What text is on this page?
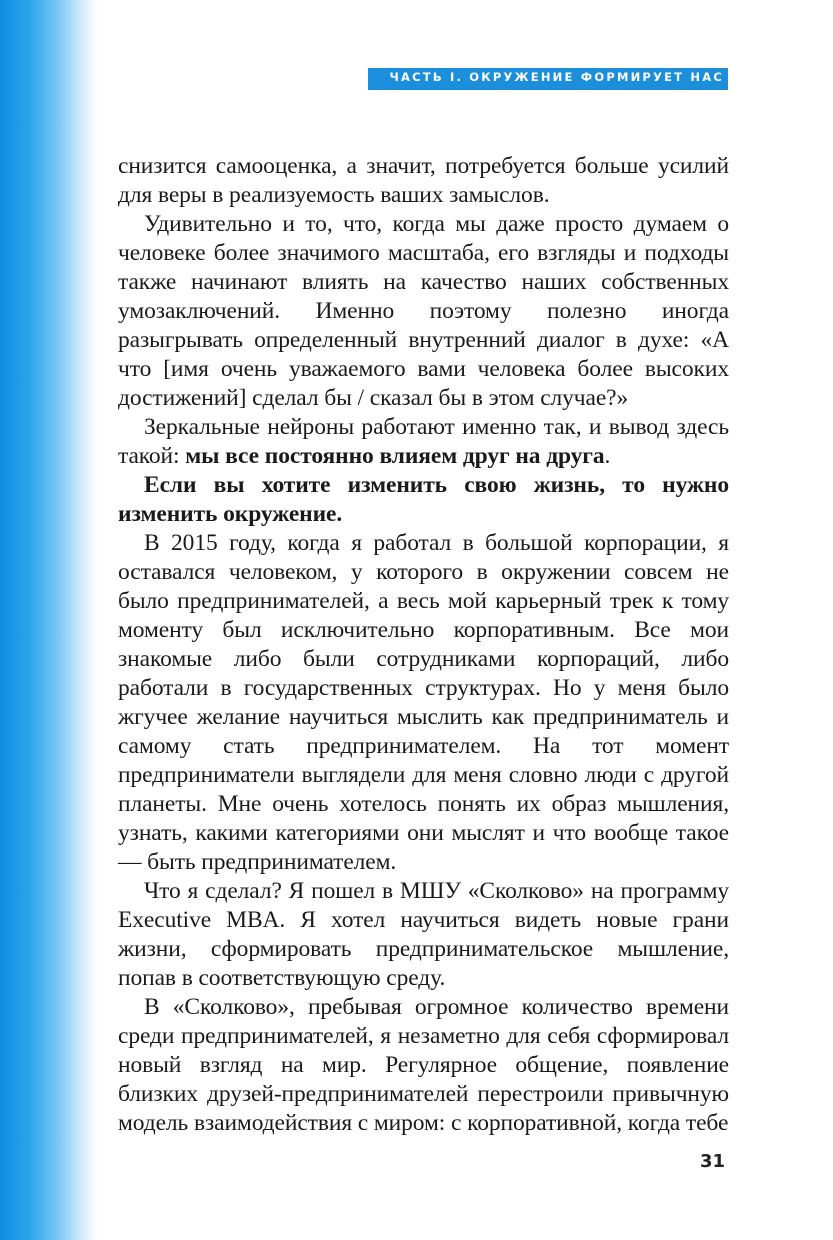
ЧАСТЬ I. ОКРУЖЕНИЕ ФОРМИРУЕТ НАС

снизится самооценка, а значит, потребуется больше усилий для веры в реализуемость ваших замыслов.

Удивительно и то, что, когда мы даже просто думаем о человеке более значимого масштаба, его взгляды и подходы также начинают влиять на качество наших собственных умозаключений. Именно поэтому полезно иногда разыгрывать определенный внутренний диалог в духе: «А что [имя очень уважаемого вами человека более высоких достижений] сделал бы / сказал бы в этом случае?»

Зеркальные нейроны работают именно так, и вывод здесь такой: мы все постоянно влияем друг на друга.

Если вы хотите изменить свою жизнь, то нужно изменить окружение.

В 2015 году, когда я работал в большой корпорации, я оставался человеком, у которого в окружении совсем не было предпринимателей, а весь мой карьерный трек к тому моменту был исключительно корпоративным. Все мои знакомые либо были сотрудниками корпораций, либо работали в государственных структурах. Но у меня было жгучее желание научиться мыслить как предприниматель и самому стать предпринимателем. На тот момент предприниматели выглядели для меня словно люди с другой планеты. Мне очень хотелось понять их образ мышления, узнать, какими категориями они мыслят и что вообще такое — быть предпринимателем.

Что я сделал? Я пошел в МШУ «Сколково» на программу Executive MBA. Я хотел научиться видеть новые грани жизни, сформировать предпринимательское мышление, попав в соответствующую среду.

В «Сколково», пребывая огромное количество времени среди предпринимателей, я незаметно для себя сформировал новый взгляд на мир. Регулярное общение, появление близких друзей-предпринимателей перестроили привычную модель взаимодействия с миром: с корпоративной, когда тебе

31
